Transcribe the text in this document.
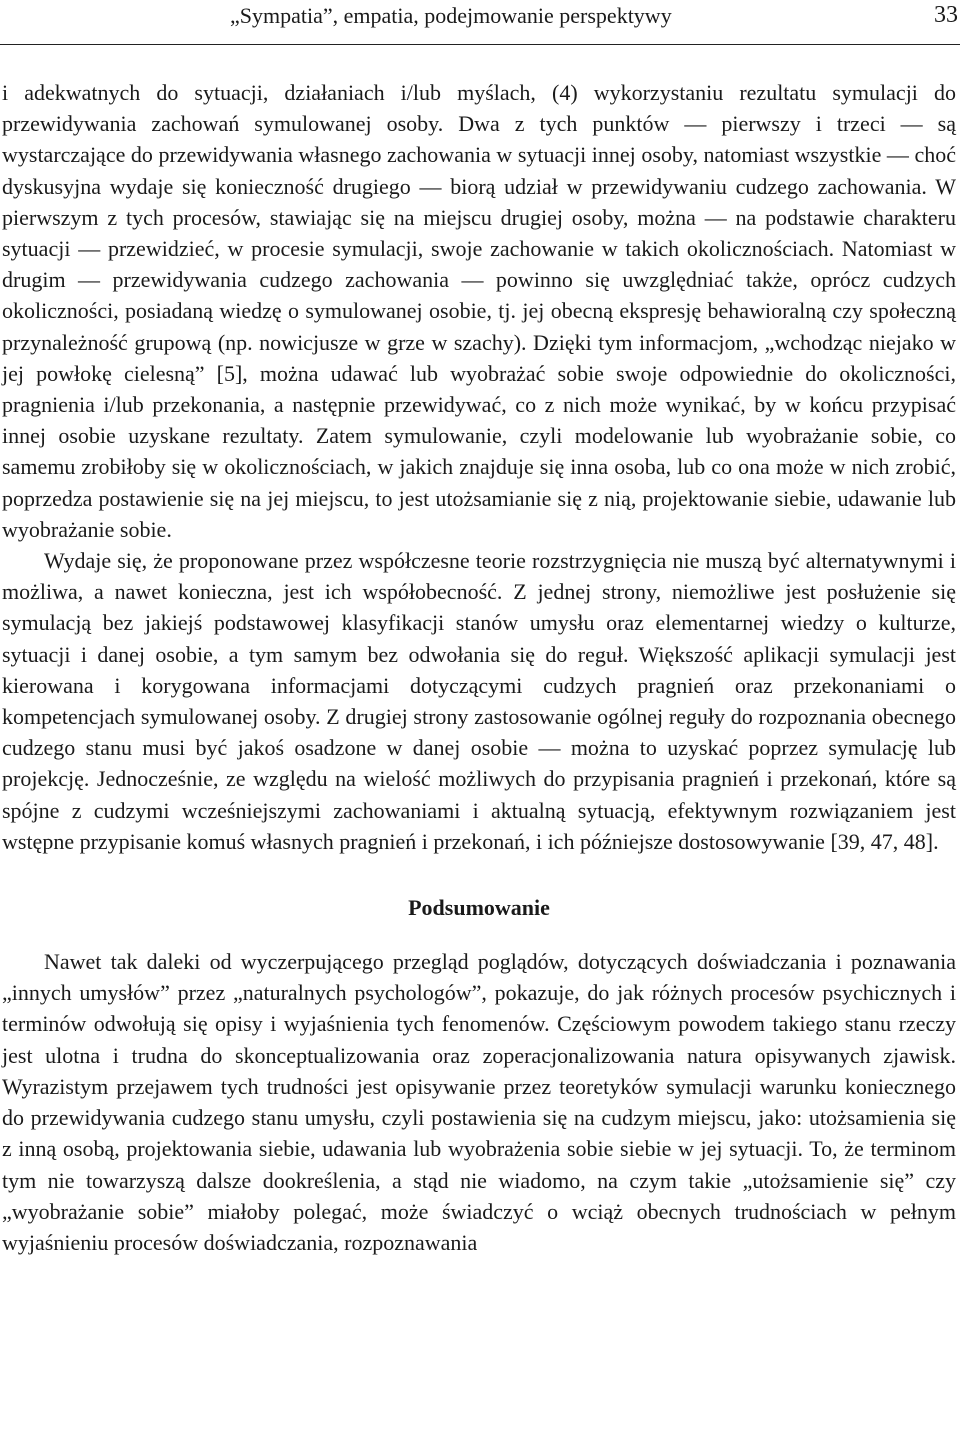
„Sympatia”, empatia, podejmowanie perspektywy	33

i adekwatnych do sytuacji, działaniach i/lub myślach, (4) wykorzystaniu rezultatu symulacji do przewidywania zachowań symulowanej osoby. Dwa z tych punktów — pierwszy i trzeci — są wystarczające do przewidywania własnego zachowania w sytuacji innej osoby, natomiast wszystkie — choć dyskusyjna wydaje się konieczność drugiego — biorą udział w przewidywaniu cudzego zachowania. W pierwszym z tych procesów, stawiając się na miejscu drugiej osoby, można — na podstawie charakteru sytuacji — przewidzieć, w procesie symulacji, swoje zachowanie w takich okolicznościach. Natomiast w drugim — przewidywania cudzego zachowania — powinno się uwzględniać także, oprócz cudzych okoliczności, posiadaną wiedzę o symulowanej osobie, tj. jej obecną ekspresję behawioralną czy społeczną przynależność grupową (np. nowicjusze w grze w szachy). Dzięki tym informacjom, „wchodząc niejako w jej powłokę cielesną” [5], można udawać lub wyobrażać sobie swoje odpowiednie do okoliczności, pragnienia i/lub przekonania, a następnie przewidywać, co z nich może wynikać, by w końcu przypisać innej osobie uzyskane rezultaty. Zatem symulowanie, czyli modelowanie lub wyobrażanie sobie, co samemu zrobiłoby się w okolicznościach, w jakich znajduje się inna osoba, lub co ona może w nich zrobić, poprzedza postawienie się na jej miejscu, to jest utożsamianie się z nią, projektowanie siebie, udawanie lub wyobrażanie sobie.

Wydaje się, że proponowane przez współczesne teorie rozstrzygnięcia nie muszą być alternatywnymi i możliwa, a nawet konieczna, jest ich współobecność. Z jednej strony, niemożliwe jest posłużenie się symulacją bez jakiejś podstawowej klasyfikacji stanów umysłu oraz elementarnej wiedzy o kulturze, sytuacji i danej osobie, a tym samym bez odwołania się do reguł. Większość aplikacji symulacji jest kierowana i korygowana informacjami dotyczącymi cudzych pragnień oraz przekonaniami o kompetencjach symulowanej osoby. Z drugiej strony zastosowanie ogólnej reguły do rozpoznania obecnego cudzego stanu musi być jakoś osadzone w danej osobie — można to uzyskać poprzez symulację lub projekcję. Jednocześnie, ze względu na wielość możliwych do przypisania pragnień i przekonań, które są spójne z cudzymi wcześniejszymi zachowaniami i aktualną sytuacją, efektywnym rozwiązaniem jest wstępne przypisanie komuś własnych pragnień i przekonań, i ich późniejsze dostosowywanie [39, 47, 48].

Podsumowanie

Nawet tak daleki od wyczerpującego przegląd poglądów, dotyczących doświadczania i poznawania „innych umysłów” przez „naturalnych psychologów”, pokazuje, do jak różnych procesów psychicznych i terminów odwołują się opisy i wyjaśnienia tych fenomenów. Częściowym powodem takiego stanu rzeczy jest ulotna i trudna do skonceptualizowania oraz zoperacjonalizowania natura opisywanych zjawisk. Wyrazistym przejawem tych trudności jest opisywanie przez teoretyków symulacji warunku koniecznego do przewidywania cudzego stanu umysłu, czyli postawienia się na cudzym miejscu, jako: utożsamienia się z inną osobą, projektowania siebie, udawania lub wyobrażenia sobie siebie w jej sytuacji. To, że terminom tym nie towarzyszą dalsze dookreślenia, a stąd nie wiadomo, na czym takie „utożsamienie się” czy „wyobrażanie sobie” miałoby polegać, może świadczyć o wciąż obecnych trudnościach w pełnym wyjaśnieniu procesów doświadczania, rozpoznawania
